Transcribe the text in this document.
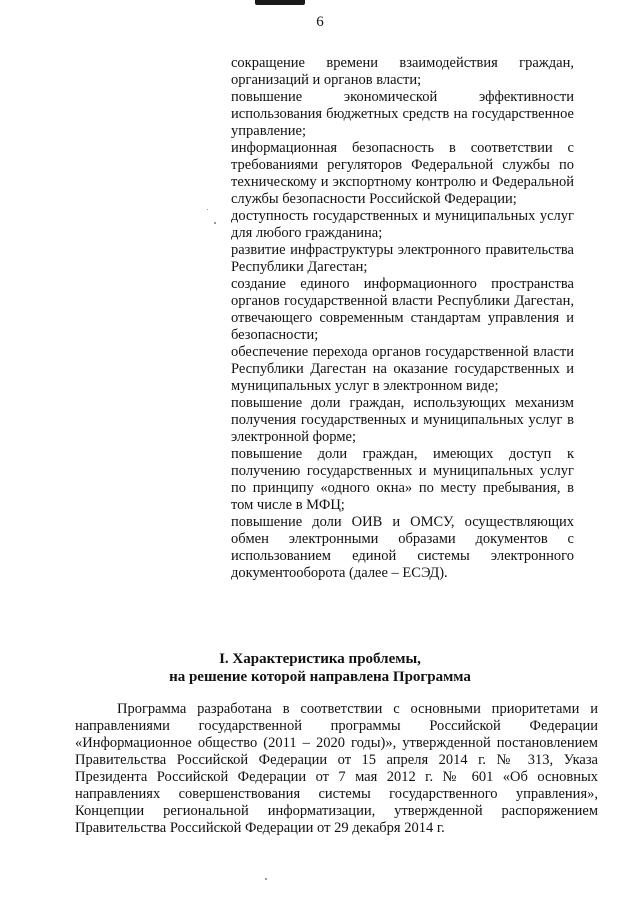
6

сокращение времени взаимодействия граждан, организаций и органов власти;

повышение экономической эффективности использования бюджетных средств на государственное управление;

информационная безопасность в соответствии с требованиями регуляторов Федеральной службы по техническому и экспортному контролю и Федеральной службы безопасности Российской Федерации;

доступность государственных и муниципальных услуг для любого гражданина;

развитие инфраструктуры электронного правительства Республики Дагестан;

создание единого информационного пространства органов государственной власти Республики Дагестан, отвечающего современным стандартам управления и безопасности;

обеспечение перехода органов государственной власти Республики Дагестан на оказание государственных и муниципальных услуг в электронном виде;

повышение доли граждан, использующих механизм получения государственных и муниципальных услуг в электронной форме;

повышение доли граждан, имеющих доступ к получению государственных и муниципальных услуг по принципу «одного окна» по месту пребывания, в том числе в МФЦ;

повышение доли ОИВ и ОМСУ, осуществляющих обмен электронными образами документов с использованием единой системы электронного документооборота (далее – ЕСЭД).

I. Характеристика проблемы,
на решение которой направлена Программа

Программа разработана в соответствии с основными приоритетами и направлениями государственной программы Российской Федерации «Информационное общество (2011 – 2020 годы)», утвержденной постановлением Правительства Российской Федерации от 15 апреля 2014 г. № 313, Указа Президента Российской Федерации от 7 мая 2012 г. № 601 «Об основных направлениях совершенствования системы государственного управления», Концепции региональной информатизации, утвержденной распоряжением Правительства Российской Федерации от 29 декабря 2014 г.
